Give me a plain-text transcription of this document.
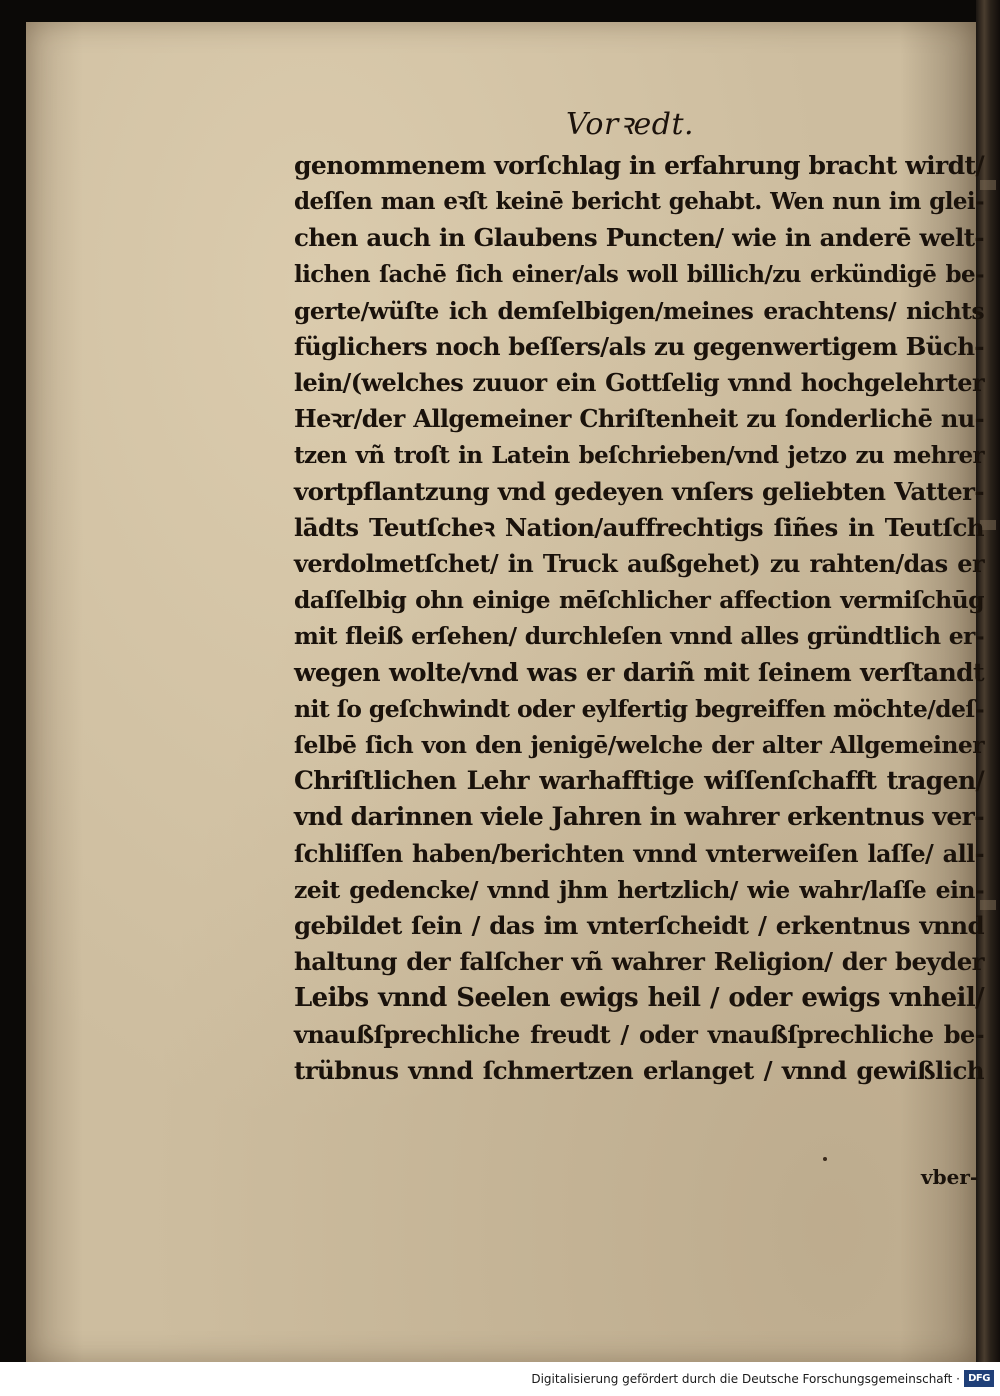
Vorꝛedt.
genommenem vorſchlag in erfahrung bracht wirdt/
deſſen man eꝛſt keinē bericht gehabt. Wen nun im glei‑
chen auch in Glaubens Puncten/ wie in anderē welt‑
lichen ſachē ſich einer/als woll billich/zu erkündigē be‑
gerte/wüſte ich demſelbigen/meines erachtens/ nichts
füglichers noch beſſers/als zu gegenwertigem Büch‑
lein/(welches zuuor ein Gottſelig vnnd hochgelehrter
Heꝛr/der Allgemeiner Chriſtenheit zu ſonderlichē nu‑
tzen vñ troſt in Latein beſchrieben/vnd jetzo zu mehrer
vortpflantzung vnd gedeyen vnſers geliebten Vatter‑
lādts Teutſcheꝛ Nation/auffrechtigs ſiñes in Teutſch
verdolmetſchet/ in Truck außgehet) zu rahten/das er
daſſelbig ohn einige mēſchlicher affection vermiſchūg
mit fleiß erſehen/ durchleſen vnnd alles gründtlich er‑
wegen wolte/vnd was er dariñ mit ſeinem verſtandt
nit ſo geſchwindt oder eylfertig begreiffen möchte/deſ‑
ſelbē ſich von den jenigē/welche der alter Allgemeiner
Chriſtlichen Lehr warhafftige wiſſenſchafft tragen/
vnd darinnen viele Jahren in wahrer erkentnus ver‑
ſchliſſen haben/berichten vnnd vnterweiſen laſſe/ all‑
zeit gedencke/ vnnd jhm hertzlich/ wie wahr/laſſe ein‑
gebildet ſein / das im vnterſcheidt / erkentnus vnnd
haltung der falſcher vñ wahrer Religion/ der beyder
Leibs vnnd Seelen ewigs heil / oder ewigs vnheil/
vnaußſprechliche freudt / oder vnaußſprechliche be‑
trübnus vnnd ſchmertzen erlanget / vnnd gewißlich
vber‑
Digitalisierung gefördert durch die Deutsche Forschungsgemeinschaft · DFG
